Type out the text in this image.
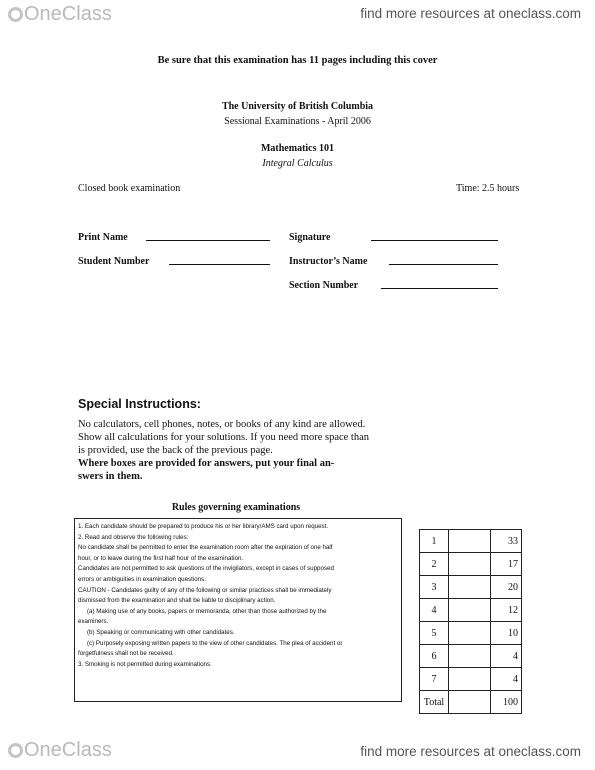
OneClass	find more resources at oneclass.com
Be sure that this examination has 11 pages including this cover
The University of British Columbia
Sessional Examinations - April 2006
Mathematics 101
Integral Calculus
Closed book examination	Time: 2.5 hours
Print Name	Signature
Student Number	Instructor’s Name
Section Number
Special Instructions:
No calculators, cell phones, notes, or books of any kind are allowed.
Show all calculations for your solutions. If you need more space than
is provided, use the back of the previous page.
Where boxes are provided for answers, put your final an-
swers in them.
Rules governing examinations
1. Each candidate should be prepared to produce his or her library/AMS card upon request.
2. Read and observe the following rules:
No candidate shall be permitted to enter the examination room after the expiration of one half
hour, or to leave during the first half hour of the examination.
Candidates are not permitted to ask questions of the invigilators, except in cases of supposed
errors or ambiguities in examination questions.
CAUTION - Candidates guilty of any of the following or similar practices shall be immediately
dismissed from the examination and shall be liable to disciplinary action.
(a) Making use of any books, papers or memoranda, other than those authorized by the
examiners.
(b) Speaking or communicating with other candidates.
(c) Purposely exposing written papers to the view of other candidates. The plea of accident or
forgetfulness shall not be received.
3. Smoking is not permitted during examinations.
1		33
2		17
3		20
4		12
5		10
6		4
7		4
Total		100
OneClass	find more resources at oneclass.com
